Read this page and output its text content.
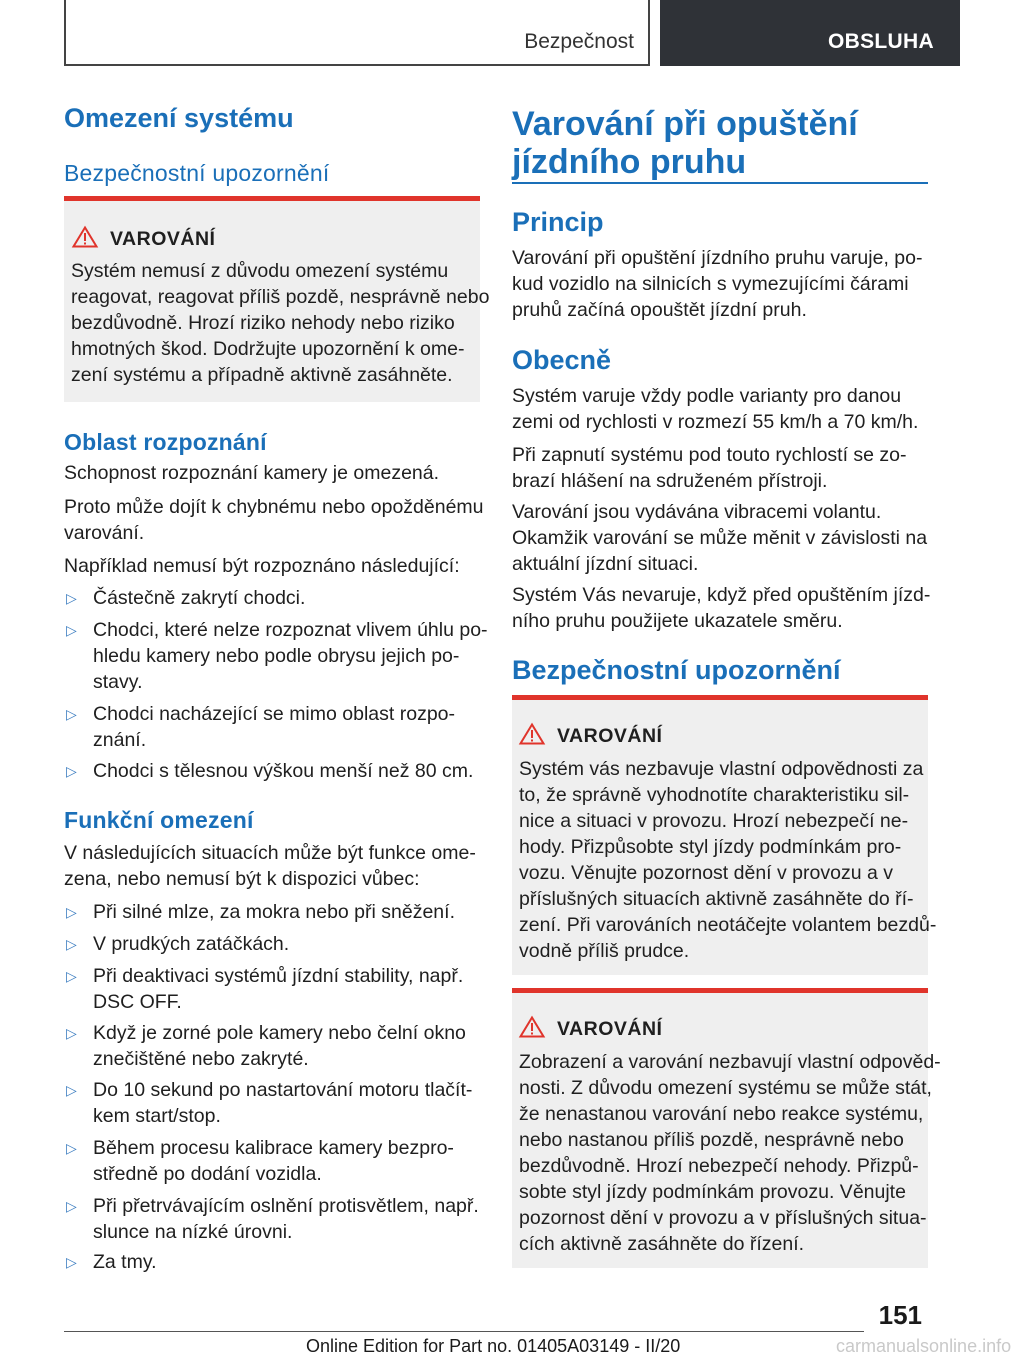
Bezpečnost	OBSLUHA
Omezení systému
Bezpečnostní upozornění
VAROVÁNÍ
Systém nemusí z důvodu omezení systému
reagovat, reagovat příliš pozdě, nesprávně nebo
bezdůvodně. Hrozí riziko nehody nebo riziko
hmotných škod. Dodržujte upozornění k ome-
zení systému a případně aktivně zasáhněte.
Oblast rozpoznání
Schopnost rozpoznání kamery je omezená.
Proto může dojít k chybnému nebo opožděnému
varování.
Například nemusí být rozpoznáno následující:
▷ Částečně zakrytí chodci.
▷ Chodci, které nelze rozpoznat vlivem úhlu po-
hledu kamery nebo podle obrysu jejich po-
stavy.
▷ Chodci nacházející se mimo oblast rozpo-
znání.
▷ Chodci s tělesnou výškou menší než 80 cm.
Funkční omezení
V následujících situacích může být funkce ome-
zena, nebo nemusí být k dispozici vůbec:
▷ Při silné mlze, za mokra nebo při sněžení.
▷ V prudkých zatáčkách.
▷ Při deaktivaci systémů jízdní stability, např.
DSC OFF.
▷ Když je zorné pole kamery nebo čelní okno
znečištěné nebo zakryté.
▷ Do 10 sekund po nastartování motoru tlačít-
kem start/stop.
▷ Během procesu kalibrace kamery bezpro-
středně po dodání vozidla.
▷ Při přetrvávajícím oslnění protisvětlem, např.
slunce na nízké úrovni.
▷ Za tmy.
Varování při opuštění
jízdního pruhu
Princip
Varování při opuštění jízdního pruhu varuje, po-
kud vozidlo na silnicích s vymezujícími čárami
pruhů začíná opouštět jízdní pruh.
Obecně
Systém varuje vždy podle varianty pro danou
zemi od rychlosti v rozmezí 55 km/h a 70 km/h.
Při zapnutí systému pod touto rychlostí se zo-
brazí hlášení na sdruženém přístroji.
Varování jsou vydávána vibracemi volantu.
Okamžik varování se může měnit v závislosti na
aktuální jízdní situaci.
Systém Vás nevaruje, když před opuštěním jízd-
ního pruhu použijete ukazatele směru.
Bezpečnostní upozornění
VAROVÁNÍ
Systém vás nezbavuje vlastní odpovědnosti za
to, že správně vyhodnotíte charakteristiku sil-
nice a situaci v provozu. Hrozí nebezpečí ne-
hody. Přizpůsobte styl jízdy podmínkám pro-
vozu. Věnujte pozornost dění v provozu a v
příslušných situacích aktivně zasáhněte do ří-
zení. Při varováních neotáčejte volantem bezdů-
vodně příliš prudce.
VAROVÁNÍ
Zobrazení a varování nezbavují vlastní odpověd-
nosti. Z důvodu omezení systému se může stát,
že nenastanou varování nebo reakce systému,
nebo nastanou příliš pozdě, nesprávně nebo
bezdůvodně. Hrozí nebezpečí nehody. Přizpů-
sobte styl jízdy podmínkám provozu. Věnujte
pozornost dění v provozu a v příslušných situa-
cích aktivně zasáhněte do řízení.
151
Online Edition for Part no. 01405A03149 - II/20	carmanualsonline.info
